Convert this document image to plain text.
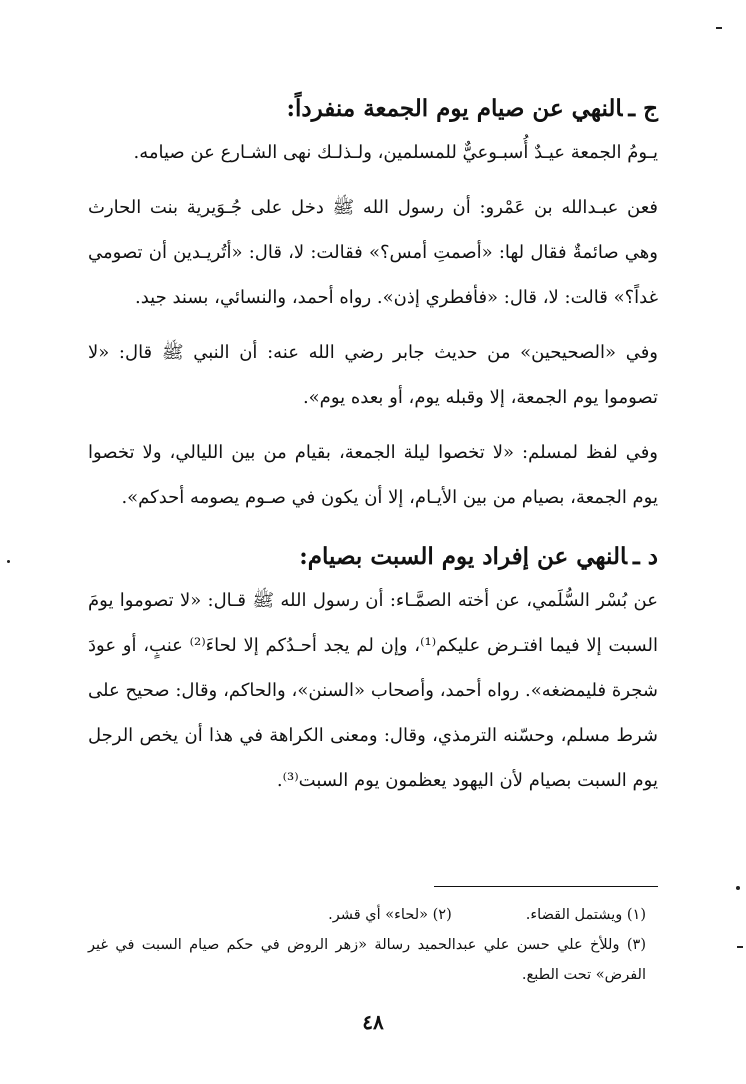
ج ـالنهي عن صيام يوم الجمعة منفرداً:

يـومُ الجمعة عيـدٌ أُسبـوعيٌّ للمسلمين، ولـذلـك نهى الشـارع عن صيامه.

فعن عبـدالله بن عَمْرو: أن رسول الله ﷺ دخل على جُـوَيرية بنت الحارث وهي صائمةٌ فقال لها: «أصمتِ أمس؟» فقالت: لا، قال: «أتُريـدين أن تصومي غداً؟» قالت: لا، قال: «فأفطري إذن». رواه أحمد، والنسائي، بسند جيد.

وفي «الصحيحين» من حديث جابر رضي الله عنه: أن النبي ﷺ قال: «لا تصوموا يوم الجمعة، إلا وقبله يوم، أو بعده يوم».

وفي لفظ لمسلم: «لا تخصوا ليلة الجمعة، بقيام من بين الليالي، ولا تخصوا يوم الجمعة، بصيام من بين الأيـام، إلا أن يكون في صـوم يصومه أحدكم».

د ـالنهي عن إفراد يوم السبت بصيام:

عن بُسْر السُّلَمي، عن أخته الصمَّـاء: أن رسول الله ﷺ قـال: «لا تصوموا يومَ السبت إلا فيما افتـرض عليكم⁽¹⁾، وإن لم يجد أحـدُكم إلا لحاءَ⁽²⁾ عنبٍ، أو عودَ شجرة فليمضغه». رواه أحمد، وأصحاب «السنن»، والحاكم، وقال: صحيح على شرط مسلم، وحسّنه الترمذي، وقال: ومعنى الكراهة في هذا أن يخص الرجل يوم السبت بصيام لأن اليهود يعظمون يوم السبت⁽³⁾.

(١) ويشتمل القضاء.
(٢) «لحاء» أي قشر.

(٣) وللأخ علي حسن علي عبدالحميد رسالة «زهر الروض في حكم صيام السبت في غير الفرض» تحت الطبع.

٤٨
